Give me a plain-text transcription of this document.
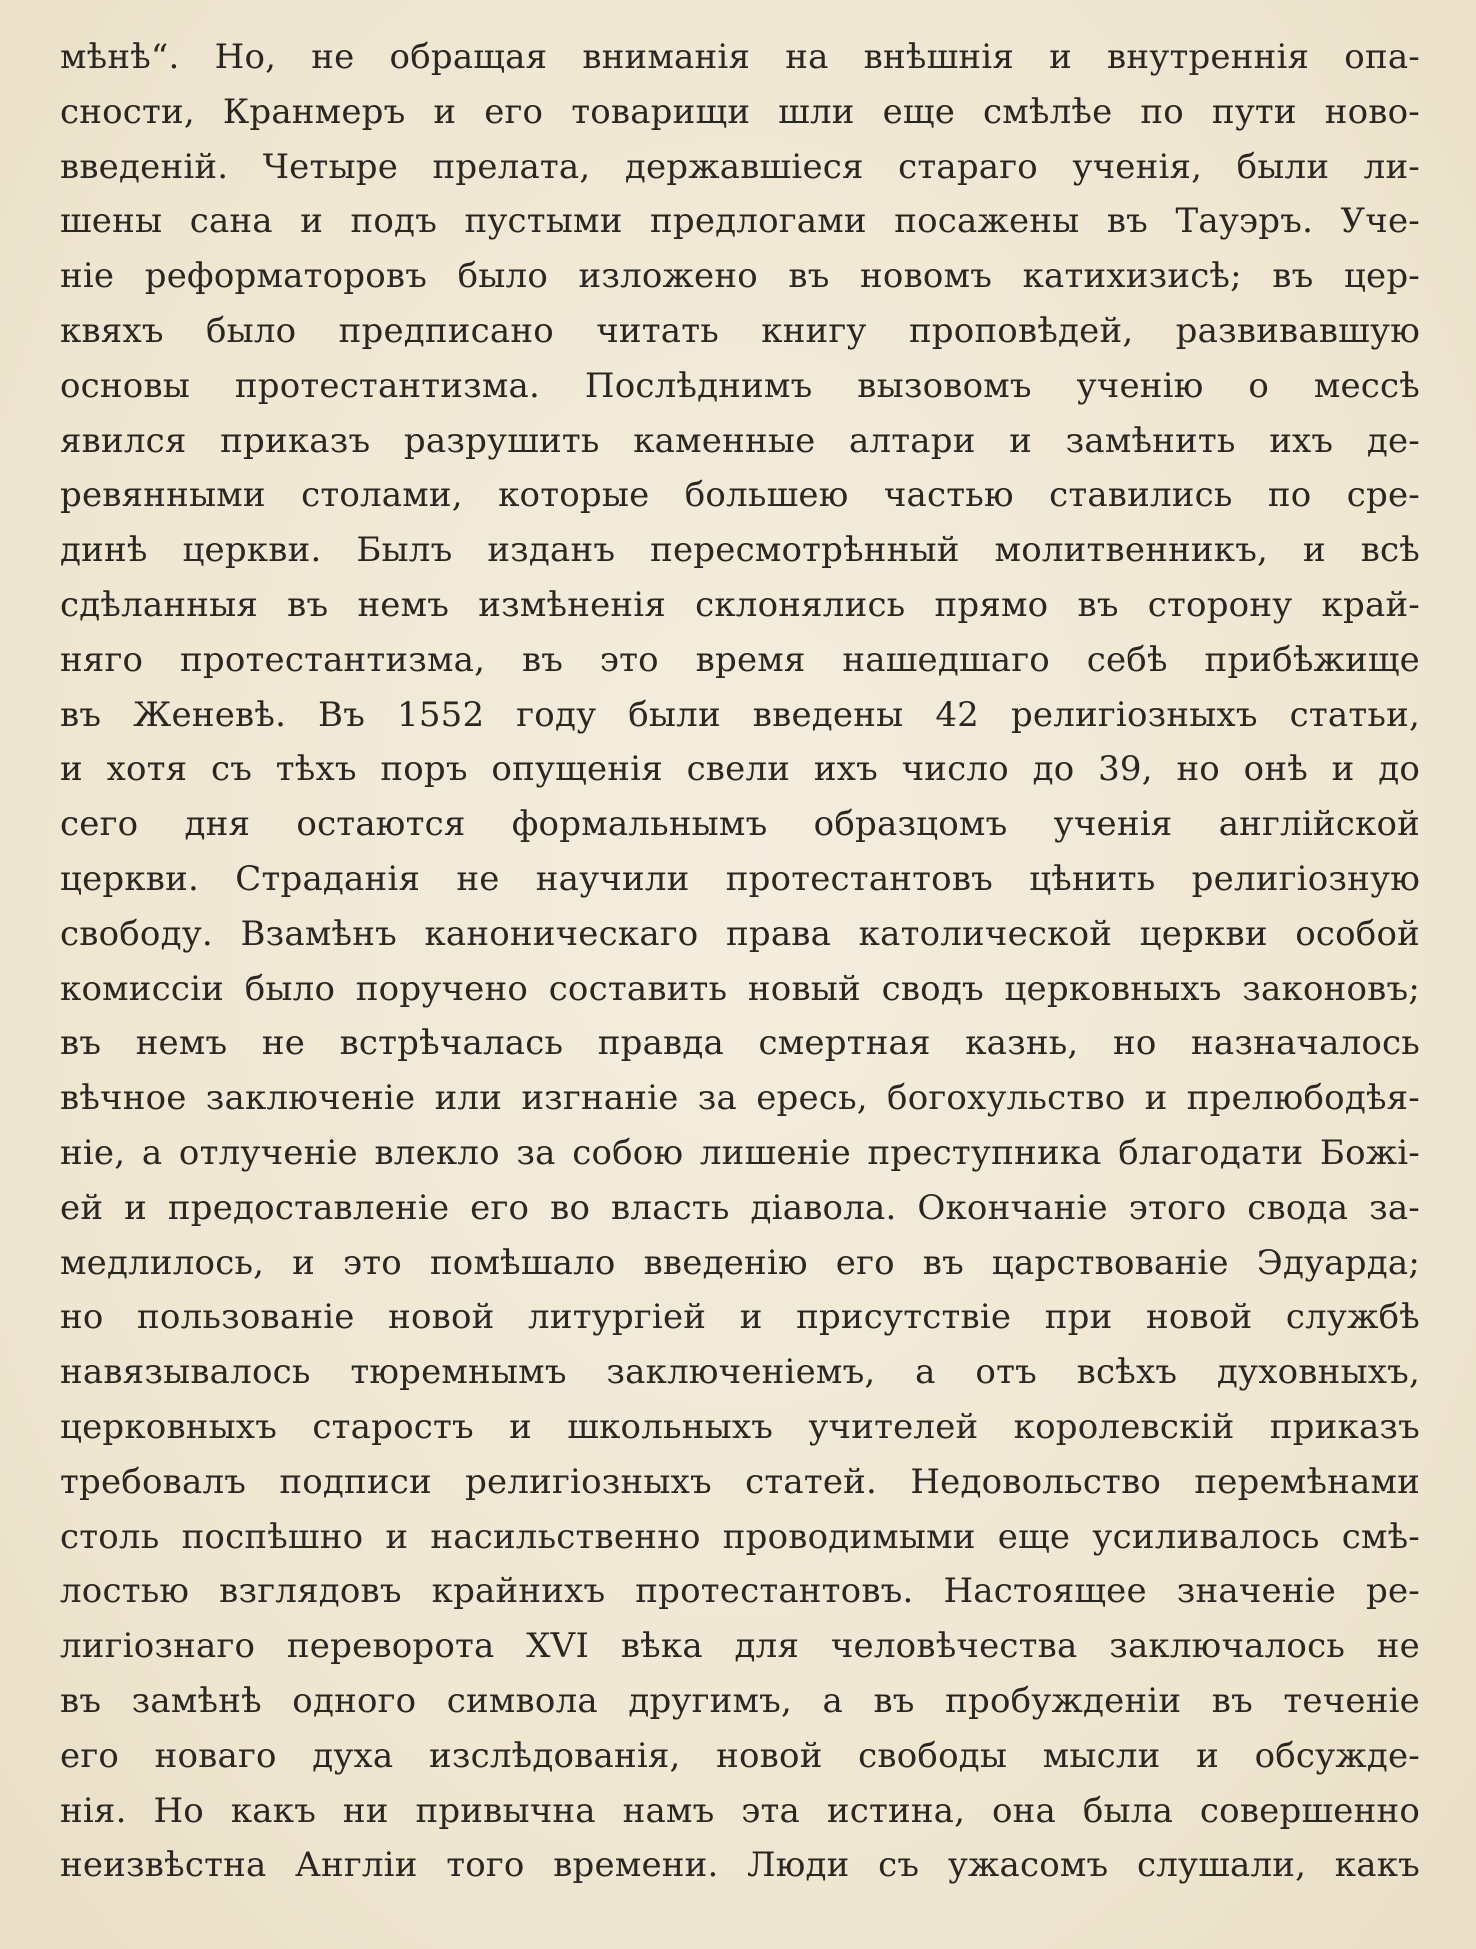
мѣнѣ“. Но, не обращая вниманія на внѣшнія и внутреннія опа-
сности, Кранмеръ и его товарищи шли еще смѣлѣе по пути ново-
введеній. Четыре прелата, державшіеся стараго ученія, были ли-
шены сана и подъ пустыми предлогами посажены въ Тауэръ. Уче-
ніе реформаторовъ было изложено въ новомъ катихизисѣ; въ цер-
квяхъ было предписано читать книгу проповѣдей, развивавшую
основы протестантизма. Послѣднимъ вызовомъ ученію о мессѣ
явился приказъ разрушить каменные алтари и замѣнить ихъ де-
ревянными столами, которые большею частью ставились по сре-
динѣ церкви. Былъ изданъ пересмотрѣнный молитвенникъ, и всѣ
сдѣланныя въ немъ измѣненія склонялись прямо въ сторону край-
няго протестантизма, въ это время нашедшаго себѣ прибѣжище
въ Женевѣ. Въ 1552 году были введены 42 религіозныхъ статьи,
и хотя съ тѣхъ поръ опущенія свели ихъ число до 39, но онѣ и до
сего дня остаются формальнымъ образцомъ ученія англійской
церкви. Страданія не научили протестантовъ цѣнить религіозную
свободу. Взамѣнъ каноническаго права католической церкви особой
комиссіи было поручено составить новый сводъ церковныхъ законовъ;
въ немъ не встрѣчалась правда смертная казнь, но назначалось
вѣчное заключеніе или изгнаніе за ересь, богохульство и прелюбодѣя-
ніе, а отлученіе влекло за собою лишеніе преступника благодати Божі-
ей и предоставленіе его во власть діавола. Окончаніе этого свода за-
медлилось, и это помѣшало введенію его въ царствованіе Эдуарда;
но пользованіе новой литургіей и присутствіе при новой службѣ
навязывалось тюремнымъ заключеніемъ, а отъ всѣхъ духовныхъ,
церковныхъ старостъ и школьныхъ учителей королевскій приказъ
требовалъ подписи религіозныхъ статей. Недовольство перемѣнами
столь поспѣшно и насильственно проводимыми еще усиливалось смѣ-
лостью взглядовъ крайнихъ протестантовъ. Настоящее значеніе ре-
лигіознаго переворота XVI вѣка для человѣчества заключалось не
въ замѣнѣ одного символа другимъ, а въ пробужденіи въ теченіе
его новаго духа изслѣдованія, новой свободы мысли и обсужде-
нія. Но какъ ни привычна намъ эта истина, она была совершенно
неизвѣстна Англіи того времени. Люди съ ужасомъ слушали, какъ
